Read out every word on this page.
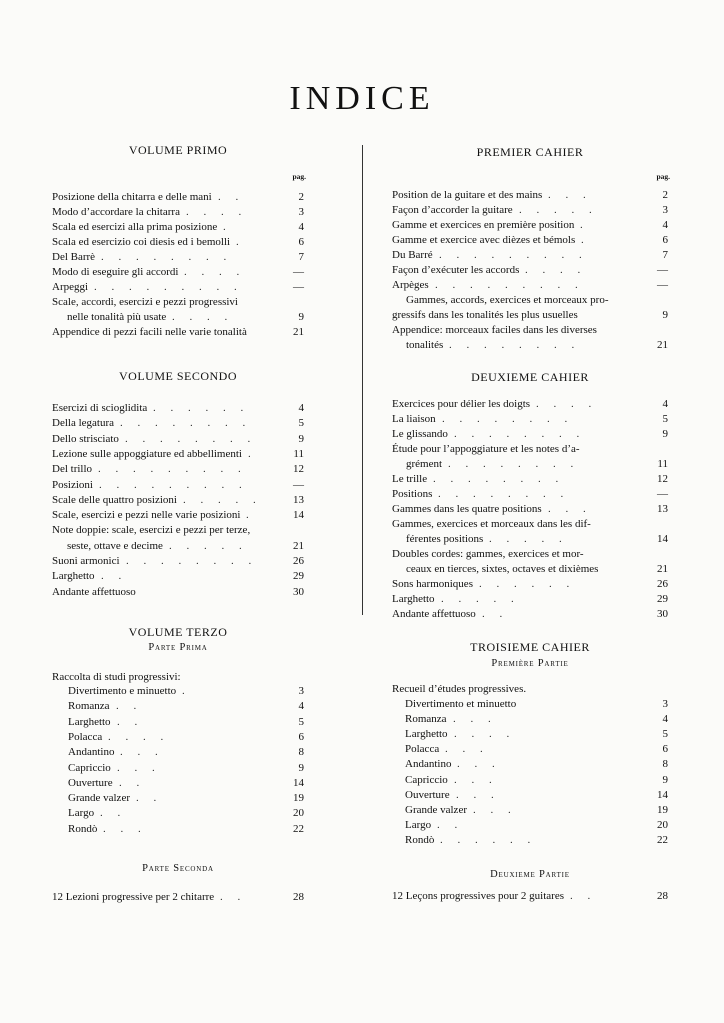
INDICE
VOLUME PRIMO
pag.
VOLUME SECONDO
VOLUME TERZO
Parte Prima
Raccolta di studi progressivi:
Parte Seconda
Posizione della chitarra e delle mani . .	2
Modo d’accordare la chitarra . . . .	3
Scala ed esercizi alla prima posizione .	4
Scala ed esercizio coi diesis ed i bemolli .	6
Del Barrè . . . . . . . .	7
Modo di eseguire gli accordi . . . .	—
Arpeggi . . . . . . . . .	—
Scale, accordi, esercizi e pezzi progressivi
nelle tonalità più usate . . . .	9
Appendice di pezzi facili nelle varie tonalità	21
Esercizi di scioglidita . . . . . .	4
Della legatura . . . . . . . .	5
Dello strisciato . . . . . . . .	9
Lezione sulle appoggiature ed abbellimenti .	11
Del trillo . . . . . . . . .	12
Posizioni . . . . . . . . .	—
Scale delle quattro posizioni . . . . .	13
Scale, esercizi e pezzi nelle varie posizioni .	14
Note doppie: scale, esercizi e pezzi per terze,
seste, ottave e decime . . . . .	21
Suoni armonici . . . . . . . .	26
Larghetto . .	29
Andante affettuoso	30
Divertimento e minuetto .	3
Romanza . .	4
Larghetto . .	5
Polacca . . . .	6
Andantino . . .	8
Capriccio . . .	9
Ouverture . .	14
Grande valzer . .	19
Largo . .	20
Rondò . . .	22
12 Lezioni progressive per 2 chitarre . .	28
PREMIER CAHIER
pag.
DEUXIEME CAHIER
TROISIEME CAHIER
Première Partie
Recueil d’études progressives.
Deuxieme Partie
Position de la guitare et des mains . . .	2
Façon d’accorder la guitare . . . . .	3
Gamme et exercices en première position .	4
Gamme et exercice avec dièzes et bémols .	6
Du Barré . . . . . . . . .	7
Façon d’exécuter les accords . . . .	—
Arpèges . . . . . . . . .	—
Gammes, accords, exercices et morceaux pro-
gressifs dans les tonalités les plus usuelles	9
Appendice: morceaux faciles dans les diverses
tonalités . . . . . . . .	21
Exercices pour délier les doigts . . . .	4
La liaison . . . . . . . .	5
Le glissando . . . . . . . .	9
Étude pour l’appoggiature et les notes d’a-
grément . . . . . . . .	11
Le trille . . . . . . . .	12
Positions . . . . . . . .	—
Gammes dans les quatre positions . . .	13
Gammes, exercices et morceaux dans les dif-
férentes positions . . . . .	14
Doubles cordes: gammes, exercices et mor-
ceaux en tierces, sixtes, octaves et dixièmes	21
Sons harmoniques . . . . . .	26
Larghetto . . . . .	29
Andante affettuoso . .	30
Divertimento et minuetto	3
Romanza . . .	4
Larghetto . . . .	5
Polacca . . .	6
Andantino . . .	8
Capriccio . . .	9
Ouverture . . .	14
Grande valzer . . .	19
Largo . .	20
Rondò . . . . . .	22
12 Leçons progressives pour 2 guitares . .	28
